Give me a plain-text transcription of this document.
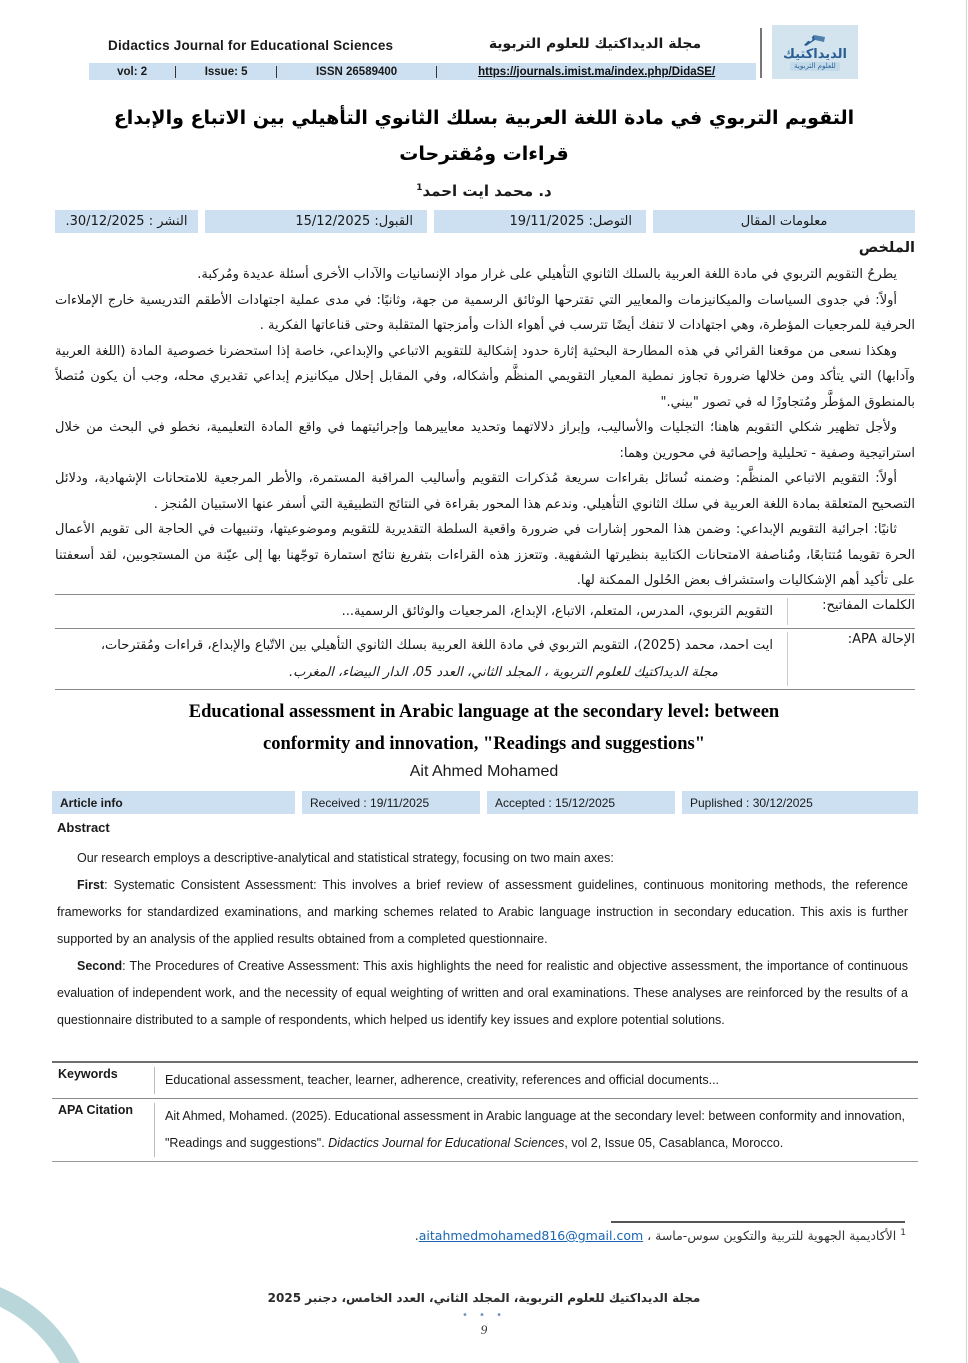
Didactics Journal for Educational Sciences	مجلة الديداكتيك للعلوم التربوية
vol: 2	Issue: 5	ISSN 26589400	https://journals.imist.ma/index.php/DidaSE/
الديداكتيك
للعلوم التربوية
التقويم التربوي في مادة اللغة العربية بسلك الثانوي التأهيلي بين الاتباع والإبداع
قراءات ومُقترحات
د. محمد ايت احمد$^1$
معلومات المقال
التوصل: 19/11/2025
القبول: 15/12/2025
النشر : 30/12/2025.
الملخص

يطرحُ التقويم التربوي في مادة اللغة العربية بالسلك الثانوي التأهيلي على غرار مواد الإنسانيات والآداب الأخرى أسئلة عديدة ومُركبة.

أولاً: في جدوى السياسات والميكانيزمات والمعايير التي تقترحها الوثائق الرسمية من جهة، وثانيًا: في مدى عملية اجتهادات الأطقم التدريسية خارج الإملاءات الحرفية للمرجعيات المؤطرة، وهي اجتهادات لا تنفك أيضًا تترسب في أهواء الذات وأمزجتها المتقلبة وحتى قناعاتها الفكرية .

وهكذا نسعى من موقعنا القرائي في هذه المطارحة البحثية إثارة حدود إشكالية للتقويم الاتباعي والإبداعي، خاصة إذا استحضرنا خصوصية المادة (اللغة العربية وآدابها) التي يتأكد ومن خلالها ضرورة تجاوز نمطية المعيار التقويمي المنظَّم وأشكاله، وفي المقابل إحلال ميكانيزم إبداعي تقديري محله، وجب أن يكون مُتصلاً بالمنطوق المؤطَّر ومُتجاوزًا له في تصور "بيني."

ولأجل تظهير شكلي التقويم هاهنا؛ التجليات والأساليب، وإبراز دلالاتهما وتحديد معاييرهما وإجرائيتهما في واقع المادة التعليمية، نخطو في البحث من خلال استراتيجية وصفية - تحليلية وإحصائية في محورين وهما:

أولاً: التقويم الاتباعي المنظَّم: وضمنه نُسائل بقراءات سريعة مُذكرات التقويم وأساليب المراقبة المستمرة، والأطر المرجعية للامتحانات الإشهادية، ودلائل التصحيح المتعلقة بمادة اللغة العربية في سلك الثانوي التأهيلي. وندعم هذا المحور بقراءة في النتائج التطبيقية التي أسفر عنها الاستبيان المُنجز .

ثانيًا: اجرائية التقويم الإبداعي: وضمن هذا المحور إشارات في ضرورة واقعية السلطة التقديرية للتقويم وموضوعيتها، وتنبيهات في الحاجة الى تقويم الأعمال الحرة تقويما مُتتابعًا، ومُناصفة الامتحانات الكتابية بنظيرتها الشفهية. وتتعزز هذه القراءات بتفريغ نتائج استمارة توجّهنا بها إلى عيّنة من المستجوبين، لقد أسعفتنا على تأكيد أهم الإشكاليات واستشراف بعض الحُلول الممكنة لها.

الكلمات المفاتيح:
التقويم التربوي، المدرس، المتعلم، الاتباع، الإبداع، المرجعيات والوثائق الرسمية...
الإحالة APA:
ايت احمد، محمد (2025)، التقويم التربوي في مادة اللغة العربية بسلك الثانوي التأهيلي بين الاتّباع والإبداع، قراءات ومُقترحات،
مجلة الديداكتيك للعلوم التربوية ، المجلد الثاني، العدد 05، الدار البيضاء، المغرب.
Educational assessment in Arabic language at the secondary level: between
conformity and innovation, "Readings and suggestions"
Ait Ahmed Mohamed
Article info	Received : 19/11/2025	Accepted : 15/12/2025	Puplished : 30/12/2025
Abstract

Our research employs a descriptive-analytical and statistical strategy, focusing on two main axes:

First: Systematic Consistent Assessment: This involves a brief review of assessment guidelines, continuous monitoring methods, the reference frameworks for standardized examinations, and marking schemes related to Arabic language instruction in secondary education. This axis is further supported by an analysis of the applied results obtained from a completed questionnaire.

Second: The Procedures of Creative Assessment: This axis highlights the need for realistic and objective assessment, the importance of continuous evaluation of independent work, and the necessity of equal weighting of written and oral examinations. These analyses are reinforced by the results of a questionnaire distributed to a sample of respondents, which helped us identify key issues and explore potential solutions.

Keywords	Educational assessment, teacher, learner, adherence, creativity, references and official documents...
APA Citation	Ait Ahmed, Mohamed. (2025). Educational assessment in Arabic language at the secondary level: between conformity and innovation, "Readings and suggestions". Didactics Journal for Educational Sciences, vol 2, Issue 05, Casablanca, Morocco.
$^1$ الأكاديمية الجهوية للتربية والتكوين سوس-ماسة ، aitahmedmohamed816@gmail.com.
مجلة الديداكتيك للعلوم التربوية، المجلد الثاني، العدد الخامس، دجنبر 2025
• • •
9
